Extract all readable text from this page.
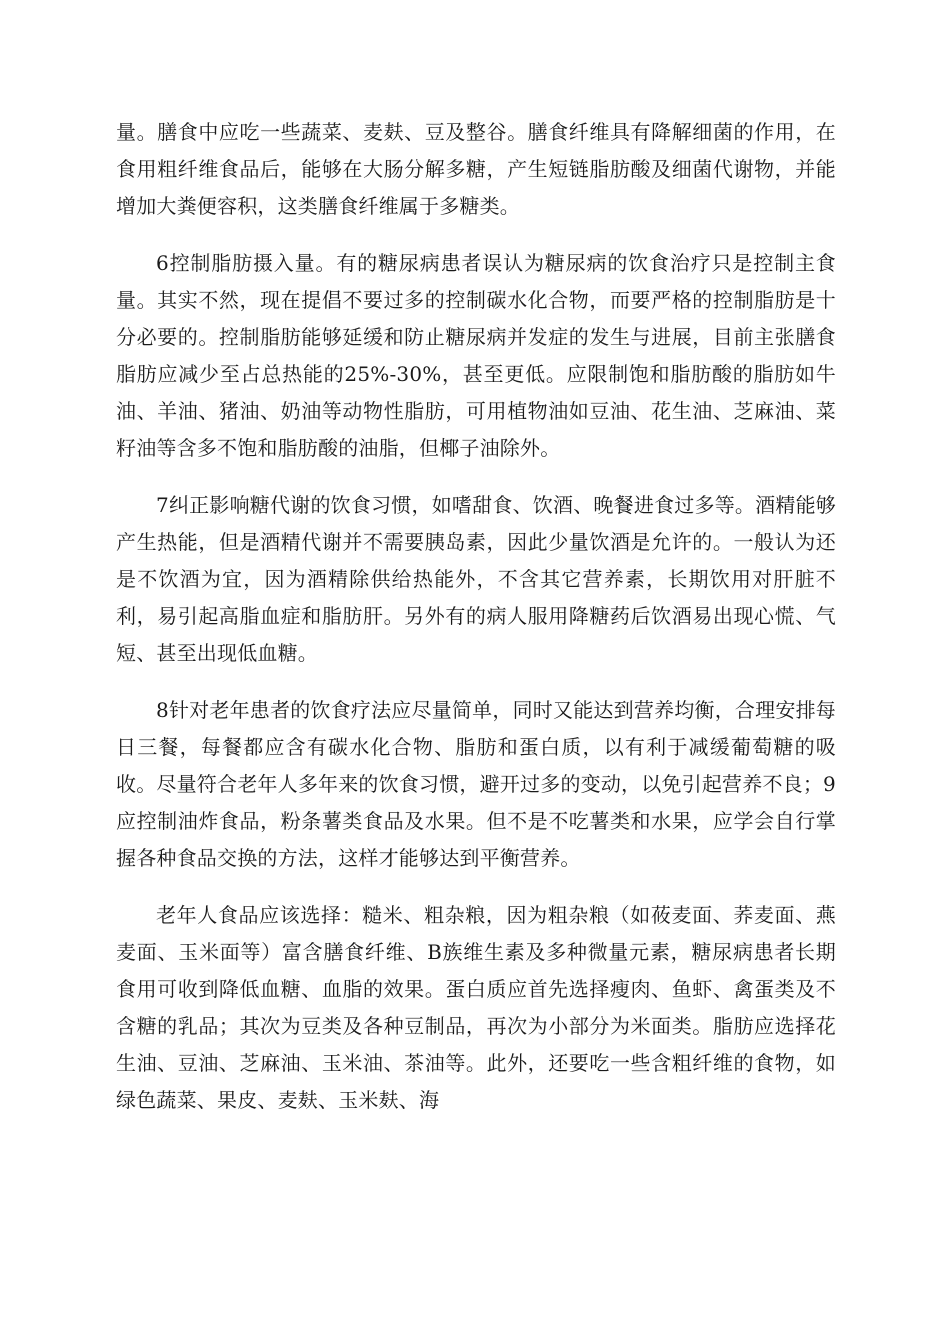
量。膳食中应吃一些蔬菜、麦麸、豆及整谷。膳食纤维具有降解细菌的作用，在食用粗纤维食品后，能够在大肠分解多糖，产生短链脂肪酸及细菌代谢物，并能增加大粪便容积，这类膳食纤维属于多糖类。

6控制脂肪摄入量。有的糖尿病患者误认为糖尿病的饮食治疗只是控制主食量。其实不然，现在提倡不要过多的控制碳水化合物，而要严格的控制脂肪是十分必要的。控制脂肪能够延缓和防止糖尿病并发症的发生与进展，目前主张膳食脂肪应减少至占总热能的25%-30%，甚至更低。应限制饱和脂肪酸的脂肪如牛油、羊油、猪油、奶油等动物性脂肪，可用植物油如豆油、花生油、芝麻油、菜籽油等含多不饱和脂肪酸的油脂，但椰子油除外。

7纠正影响糖代谢的饮食习惯，如嗜甜食、饮酒、晚餐进食过多等。酒精能够产生热能，但是酒精代谢并不需要胰岛素，因此少量饮酒是允许的。一般认为还是不饮酒为宜，因为酒精除供给热能外，不含其它营养素，长期饮用对肝脏不利，易引起高脂血症和脂肪肝。另外有的病人服用降糖药后饮酒易出现心慌、气短、甚至出现低血糖。

8针对老年患者的饮食疗法应尽量简单，同时又能达到营养均衡，合理安排每日三餐，每餐都应含有碳水化合物、脂肪和蛋白质，以有利于减缓葡萄糖的吸收。尽量符合老年人多年来的饮食习惯，避开过多的变动，以免引起营养不良；9应控制油炸食品，粉条薯类食品及水果。但不是不吃薯类和水果，应学会自行掌握各种食品交换的方法，这样才能够达到平衡营养。

老年人食品应该选择：糙米、粗杂粮，因为粗杂粮（如莜麦面、荞麦面、燕麦面、玉米面等）富含膳食纤维、B族维生素及多种微量元素，糖尿病患者长期食用可收到降低血糖、血脂的效果。蛋白质应首先选择瘦肉、鱼虾、禽蛋类及不含糖的乳品；其次为豆类及各种豆制品，再次为小部分为米面类。脂肪应选择花生油、豆油、芝麻油、玉米油、茶油等。此外，还要吃一些含粗纤维的食物，如绿色蔬菜、果皮、麦麸、玉米麸、海
